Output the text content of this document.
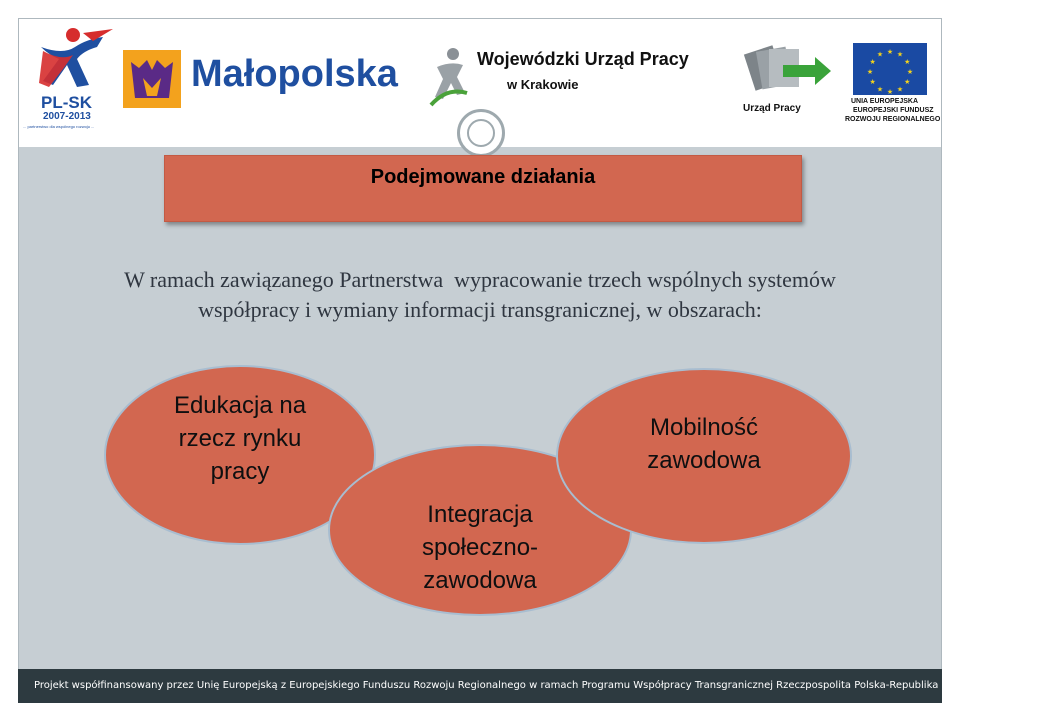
PL-SK
2007-2013
... partnerstwo dla wspólnego rozwoju ...
Małopolska	Wojewódzki Urząd Pracy
w Krakowie
Urząd Pracy
★ ★
★
★
★
★
★
★
★
★
★
★
UNIA EUROPEJSKA
EUROPEJSKI FUNDUSZ
ROZWOJU REGIONALNEGO
Podejmowane działania
W ramach zawiązanego Partnerstwa  wypracowanie trzech wspólnych systemów
współpracy i wymiany informacji transgranicznej, w obszarach:
Edukacja na
rzecz rynku
pracy
Integracja
społeczno-
zawodowa
Mobilność
zawodowa
Projekt współfinansowany przez Unię Europejską z Europejskiego Funduszu Rozwoju Regionalnego w ramach Programu Współpracy Transgranicznej Rzeczpospolita Polska-Republika Słowacka 2007-2013
